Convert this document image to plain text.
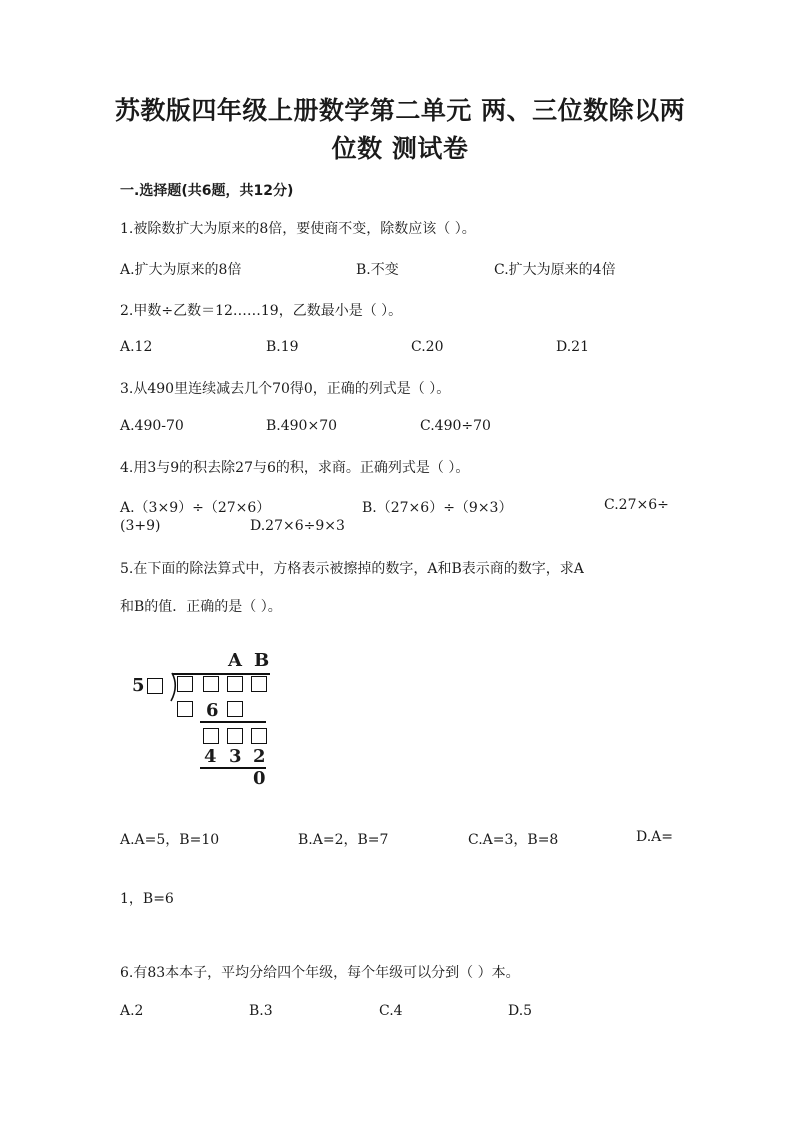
苏教版四年级上册数学第二单元 两、三位数除以两
位数 测试卷
一.选择题(共6题，共12分)
1.被除数扩大为原来的8倍，要使商不变，除数应该（ ）。
A.扩大为原来的8倍	B.不变	C.扩大为原来的4倍
2.甲数÷乙数＝12……19，乙数最小是（ ）。
A.12	B.19	C.20	D.21
3.从490里连续减去几个70得0，正确的列式是（ ）。
A.490-70	B.490×70	C.490÷70
4.用3与9的积去除27与6的积，求商。正确列式是（ ）。
A.（3×9）÷（27×6）	B.（27×6）÷（9×3）	C.27×6÷
(3+9)	D.27×6÷9×3
5.在下面的除法算式中，方格表示被擦掉的数字，A和B表示商的数字，求A
和B的值．正确的是（ ）。
A B
5
6
4 3 2
0
A.A=5，B=10	B.A=2，B=7	C.A=3，B=8	D.A=
1，B=6
6.有83本本子，平均分给四个年级，每个年级可以分到（ ）本。
A.2	B.3	C.4	D.5
